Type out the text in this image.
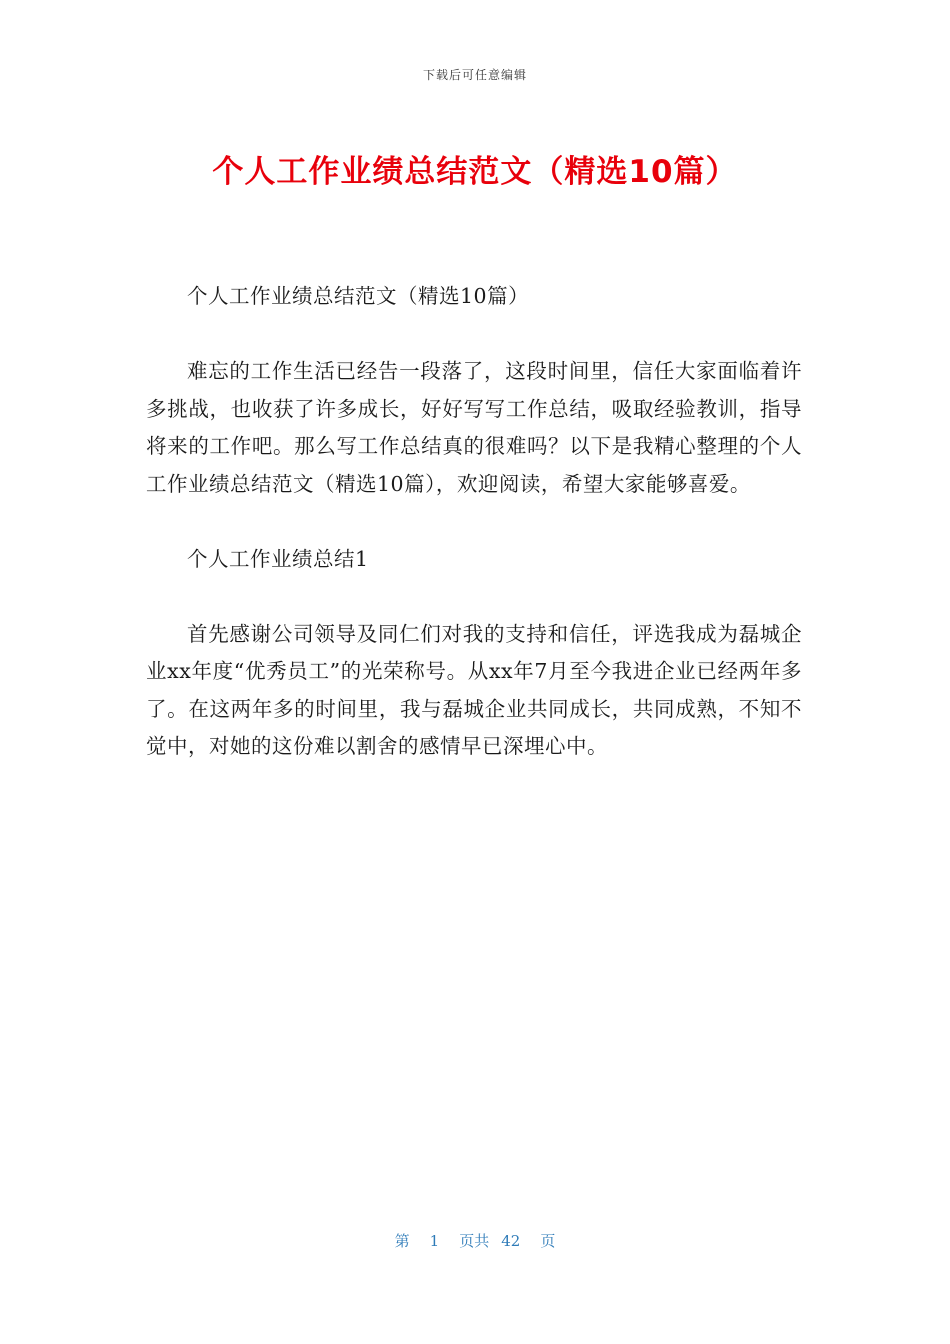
下载后可任意编辑
个人工作业绩总结范文（精选10篇）

个人工作业绩总结范文（精选10篇）

难忘的工作生活已经告一段落了，这段时间里，信任大家面临着许多挑战，也收获了许多成长，好好写写工作总结，吸取经验教训，指导将来的工作吧。那么写工作总结真的很难吗？以下是我精心整理的个人工作业绩总结范文（精选10篇），欢迎阅读，希望大家能够喜爱。

个人工作业绩总结1

首先感谢公司领导及同仁们对我的支持和信任，评选我成为磊城企业xx年度“优秀员工”的光荣称号。从xx年7月至今我进企业已经两年多了。在这两年多的时间里，我与磊城企业共同成长，共同成熟，不知不觉中，对她的这份难以割舍的感情早已深埋心中。

第 1 页共 42 页
